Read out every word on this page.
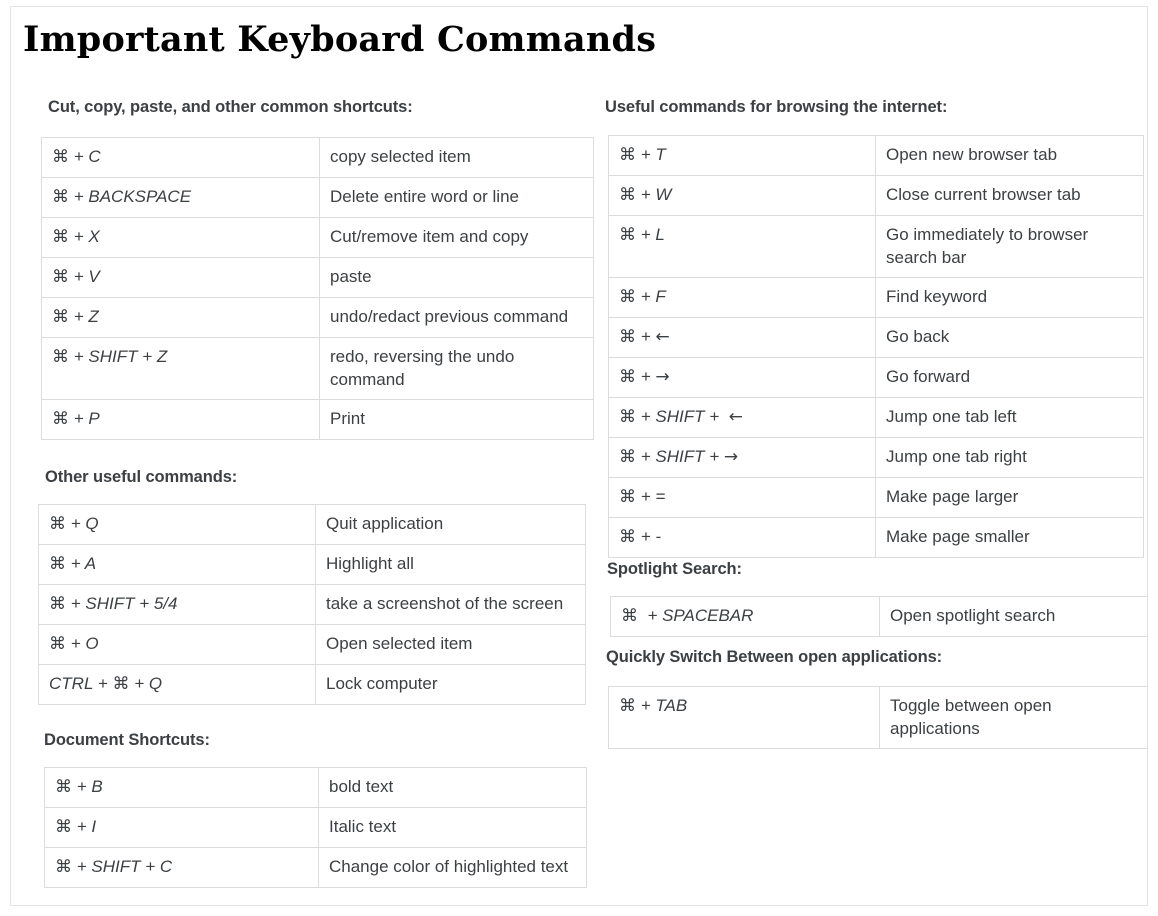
Important Keyboard Commands
Cut, copy, paste, and other common shortcuts:
⌘ + C	copy selected item
⌘ + BACKSPACE	Delete entire word or line
⌘ + X	Cut/remove item and copy
⌘ + V	paste
⌘ + Z	undo/redact previous command
⌘ + SHIFT + Z	redo, reversing the undo command
⌘ + P	Print
Other useful commands:
⌘ + Q	Quit application
⌘ + A	Highlight all
⌘ + SHIFT + 5/4	take a screenshot of the screen
⌘ + O	Open selected item
CTRL + ⌘ + Q	Lock computer
Document Shortcuts:
⌘ + B	bold text
⌘ + I	Italic text
⌘ + SHIFT + C	Change color of highlighted text
Useful commands for browsing the internet:
⌘ + T	Open new browser tab
⌘ + W	Close current browser tab
⌘ + L	Go immediately to browser search bar
⌘ + F	Find keyword
⌘ + ←	Go back
⌘ + →	Go forward
⌘ + SHIFT +  ←	Jump one tab left
⌘ + SHIFT + →	Jump one tab right
⌘ + =	Make page larger
⌘ + -	Make page smaller
Spotlight Search:
⌘  + SPACEBAR	Open spotlight search
Quickly Switch Between open applications:
⌘ + TAB	Toggle between open applications
